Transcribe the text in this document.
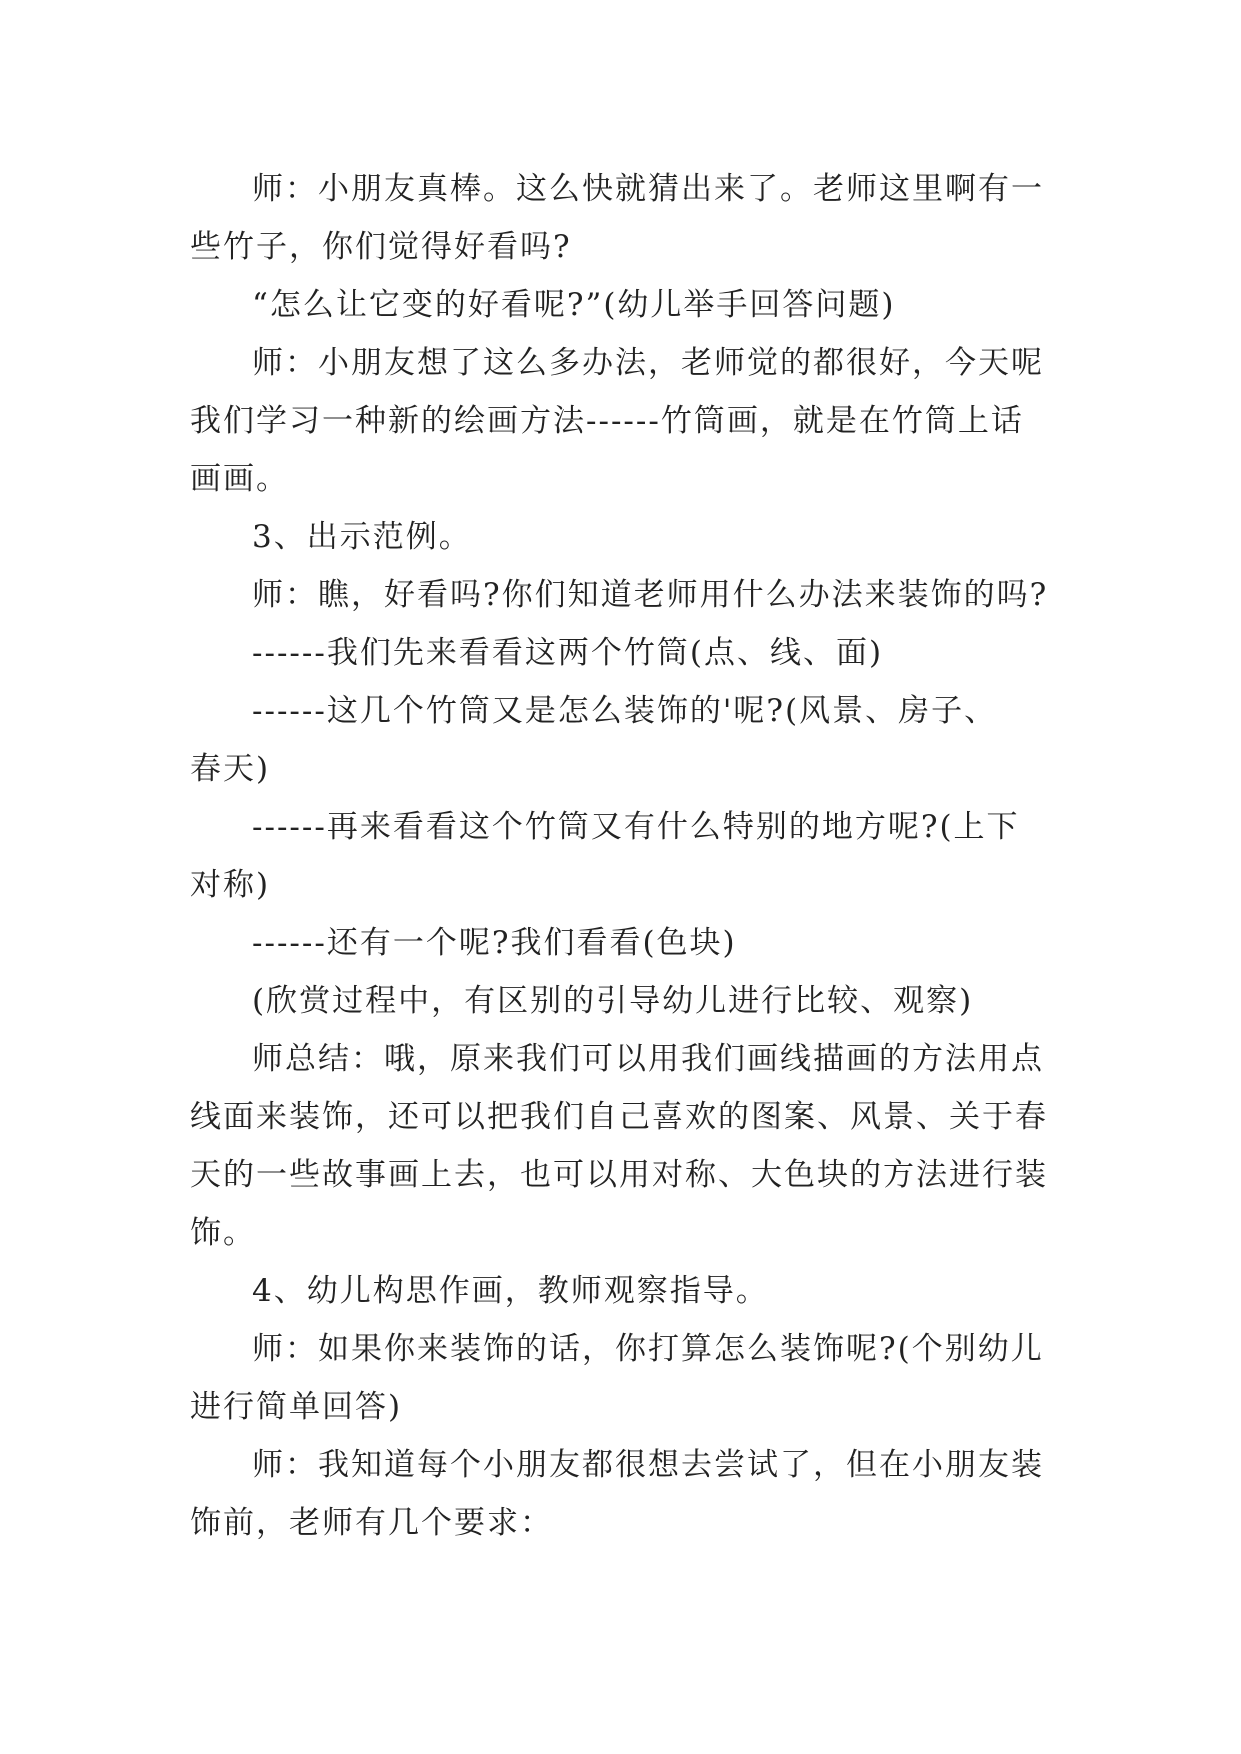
师：小朋友真棒。这么快就猜出来了。老师这里啊有一
些竹子，你们觉得好看吗?
“怎么让它变的好看呢?”(幼儿举手回答问题)
师：小朋友想了这么多办法，老师觉的都很好，今天呢
我们学习一种新的绘画方法------竹筒画，就是在竹筒上话
画画。
3、出示范例。
师：瞧，好看吗?你们知道老师用什么办法来装饰的吗?
------我们先来看看这两个竹筒(点、线、面)
------这几个竹筒又是怎么装饰的'呢?(风景、房子、
春天)
------再来看看这个竹筒又有什么特别的地方呢?(上下
对称)
------还有一个呢?我们看看(色块)
(欣赏过程中，有区别的引导幼儿进行比较、观察)
师总结：哦，原来我们可以用我们画线描画的方法用点
线面来装饰，还可以把我们自己喜欢的图案、风景、关于春
天的一些故事画上去，也可以用对称、大色块的方法进行装
饰。
4、幼儿构思作画，教师观察指导。
师：如果你来装饰的话，你打算怎么装饰呢?(个别幼儿
进行简单回答)
师：我知道每个小朋友都很想去尝试了，但在小朋友装
饰前，老师有几个要求：
